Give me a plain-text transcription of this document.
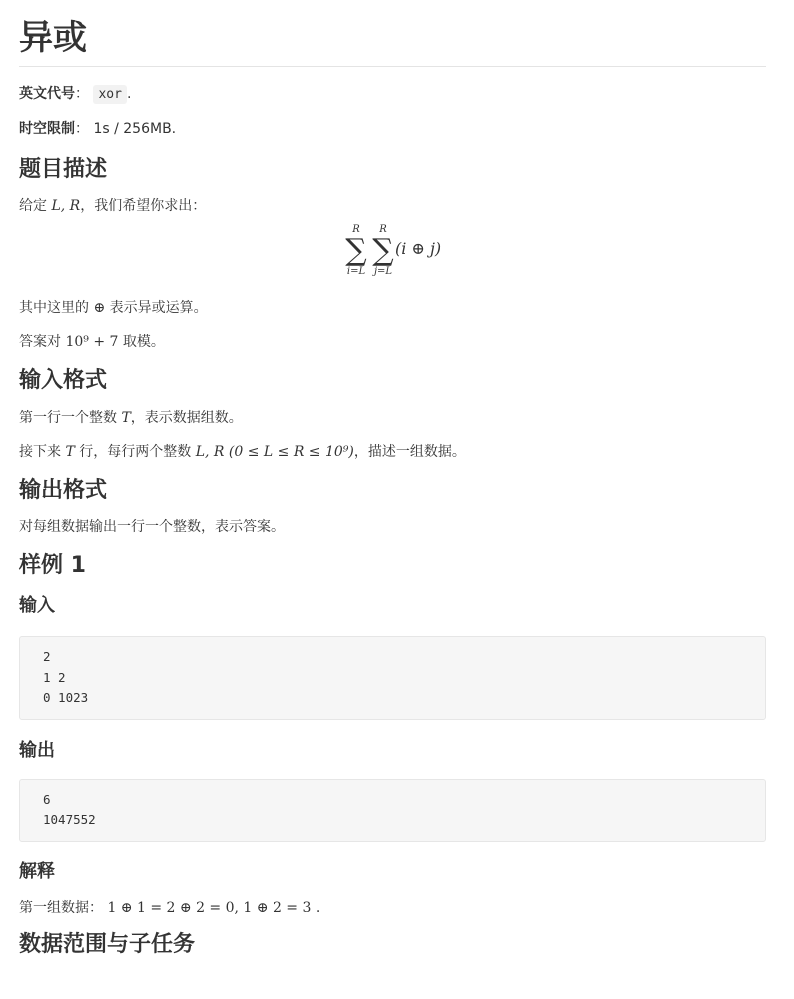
异或

英文代号： xor .

时空限制： 1s / 256MB.

题目描述

给定 L, R，我们希望你求出：

R
∑
i=L
R
∑
j=L
(i ⊕ j)

其中这里的 ⊕ 表示异或运算。

答案对 10⁹ + 7 取模。

输入格式

第一行一个整数 T，表示数据组数。

接下来 T 行，每行两个整数 L, R (0 ≤ L ≤ R ≤ 10⁹)，描述一组数据。

输出格式

对每组数据输出一行一个整数，表示答案。

样例 1
输入
2
1 2
0 1023
输出
6
1047552
解释

第一组数据： 1 ⊕ 1 = 2 ⊕ 2 = 0, 1 ⊕ 2 = 3 .

数据范围与子任务
